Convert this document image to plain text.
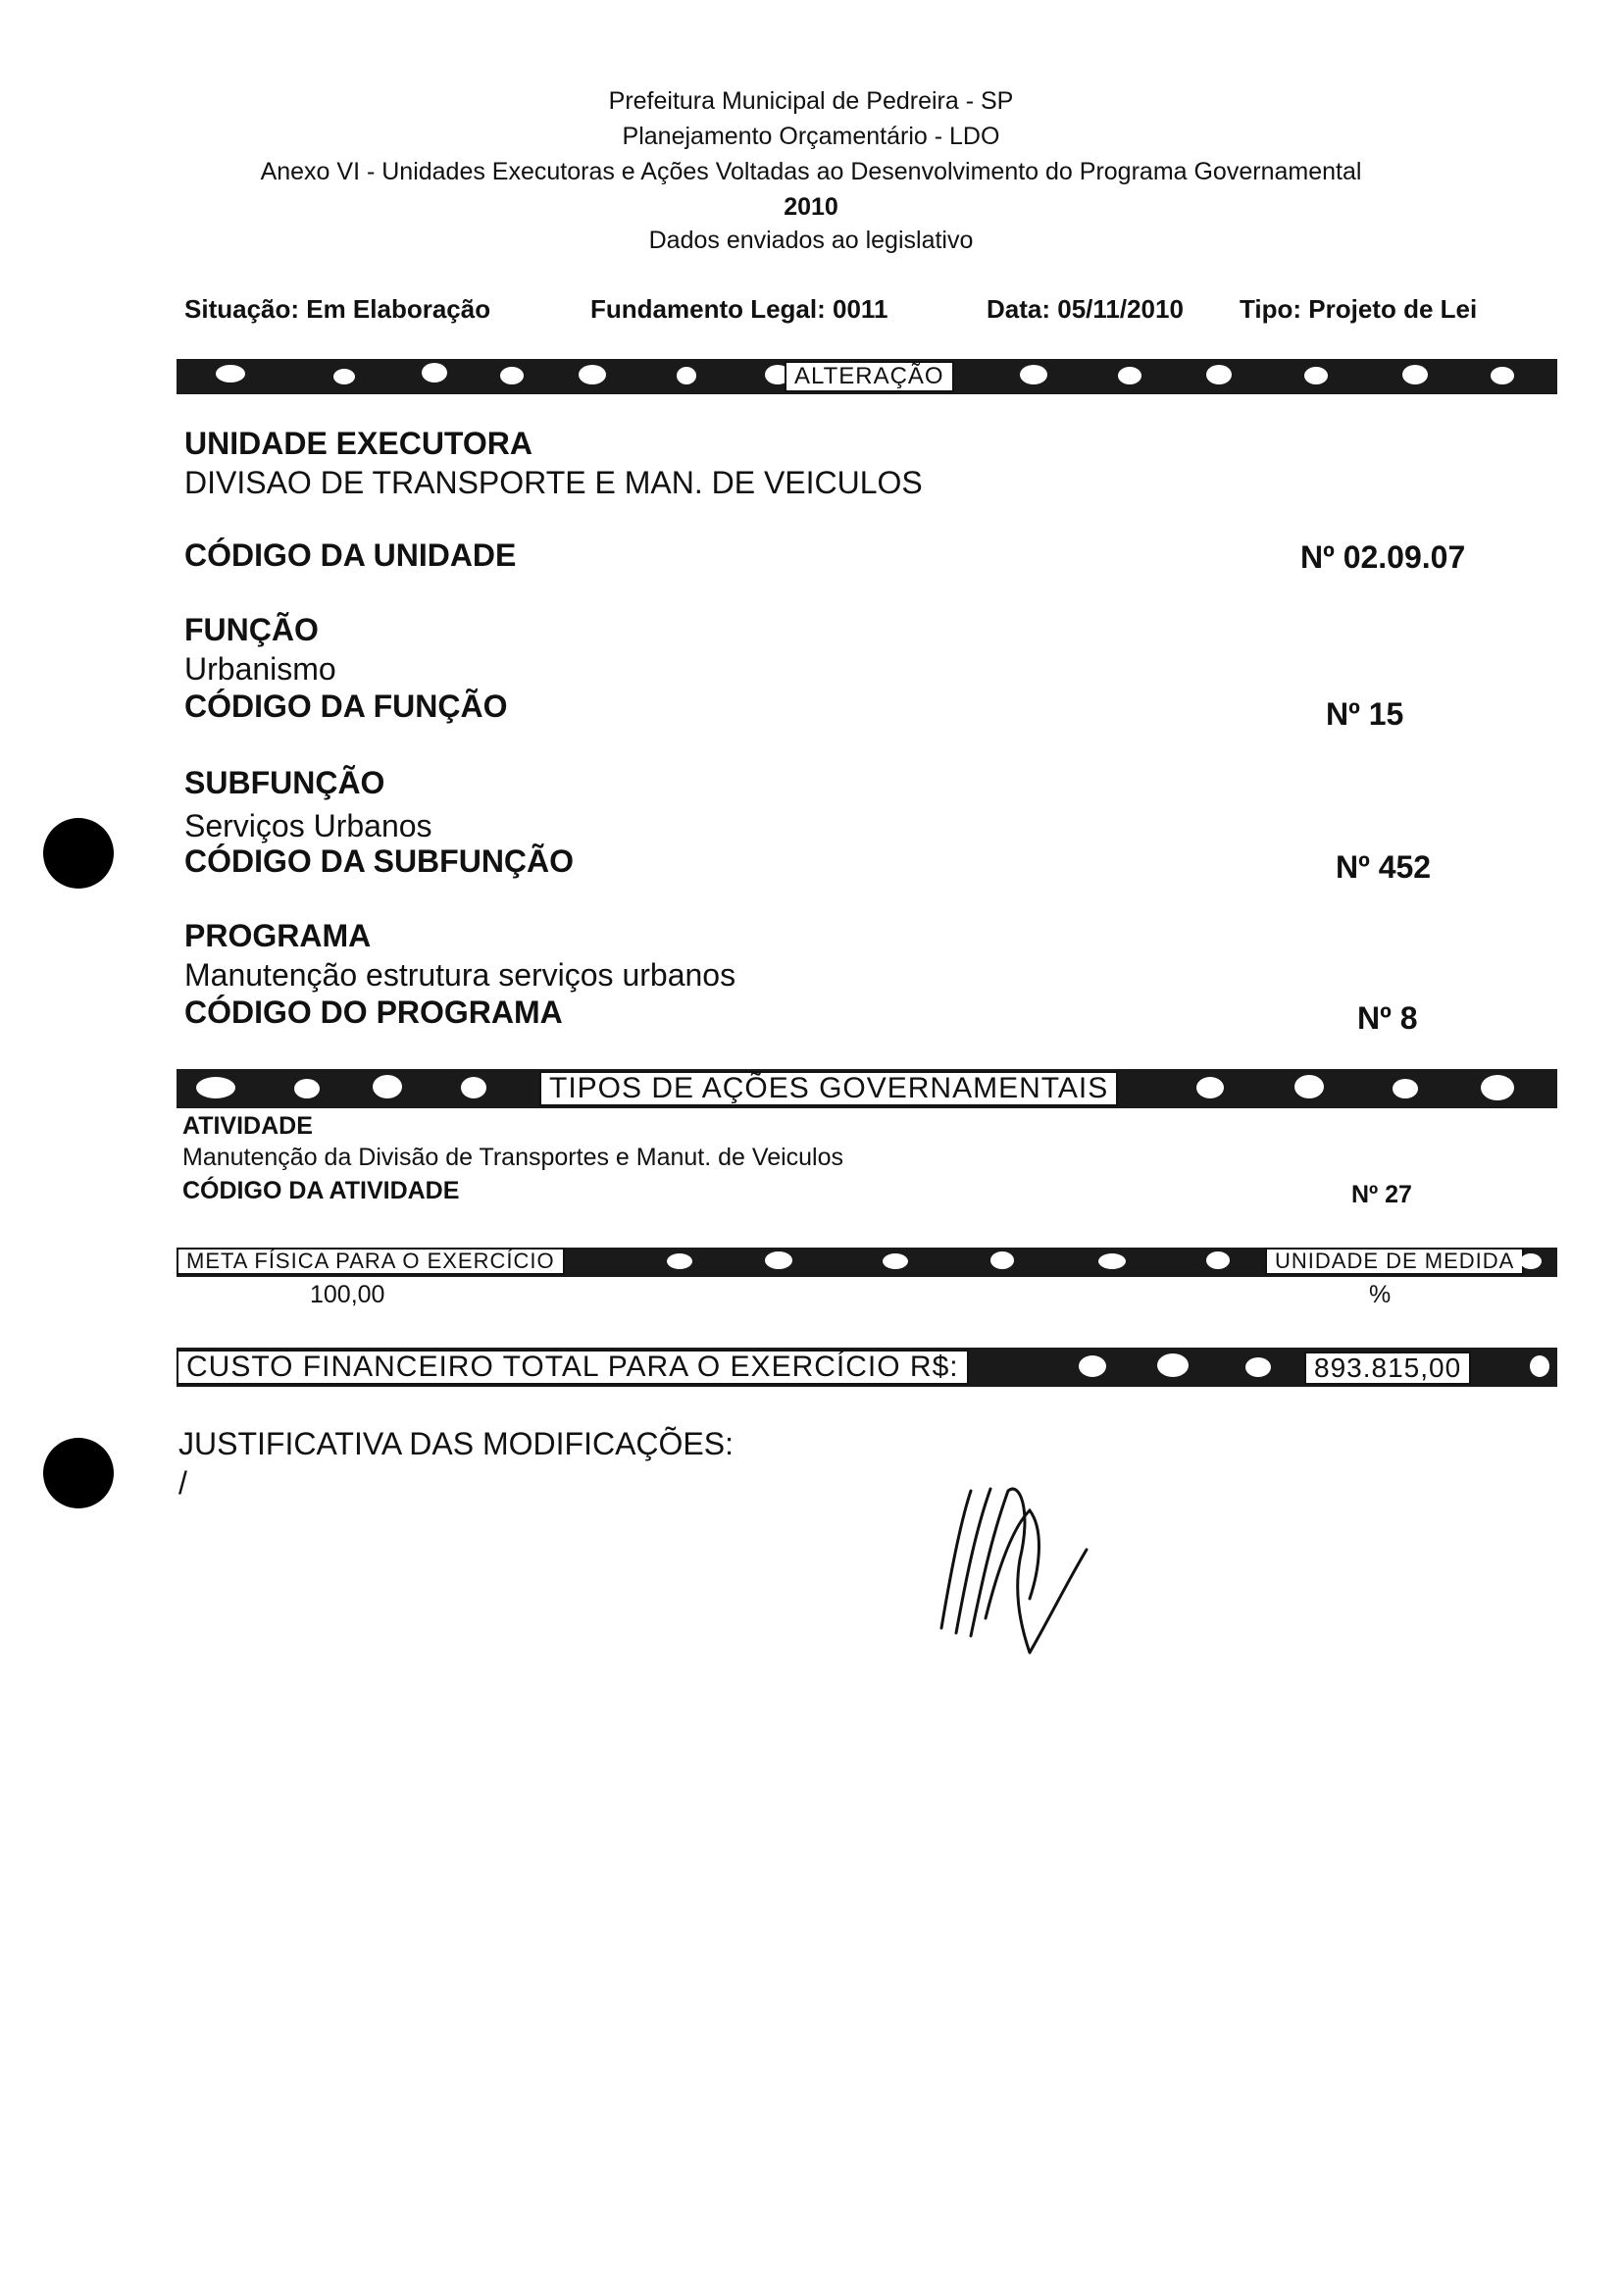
Prefeitura Municipal de Pedreira - SP
Planejamento Orçamentário - LDO
Anexo VI - Unidades Executoras e Ações Voltadas ao Desenvolvimento do Programa Governamental
2010
Dados enviados ao legislativo
Situação: Em Elaboração	Fundamento Legal: 0011	Data: 05/11/2010 Tipo: Projeto de Lei
ALTERAÇÃO
UNIDADE EXECUTORA
DIVISAO DE TRANSPORTE E MAN. DE VEICULOS
CÓDIGO DA UNIDADE	Nº 02.09.07
FUNÇÃO
Urbanismo
CÓDIGO DA FUNÇÃO	Nº 15
SUBFUNÇÃO
Serviços Urbanos
CÓDIGO DA SUBFUNÇÃO	Nº 452
PROGRAMA
Manutenção estrutura serviços urbanos
CÓDIGO DO PROGRAMA	Nº 8
TIPOS DE AÇÕES GOVERNAMENTAIS
ATIVIDADE
Manutenção da Divisão de Transportes e Manut. de Veiculos
CÓDIGO DA ATIVIDADE	Nº 27
META FÍSICA PARA O EXERCÍCIO	UNIDADE DE MEDIDA
100,00	%
CUSTO FINANCEIRO TOTAL PARA O EXERCÍCIO R$:	893.815,00
JUSTIFICATIVA DAS MODIFICAÇÕES:
/
